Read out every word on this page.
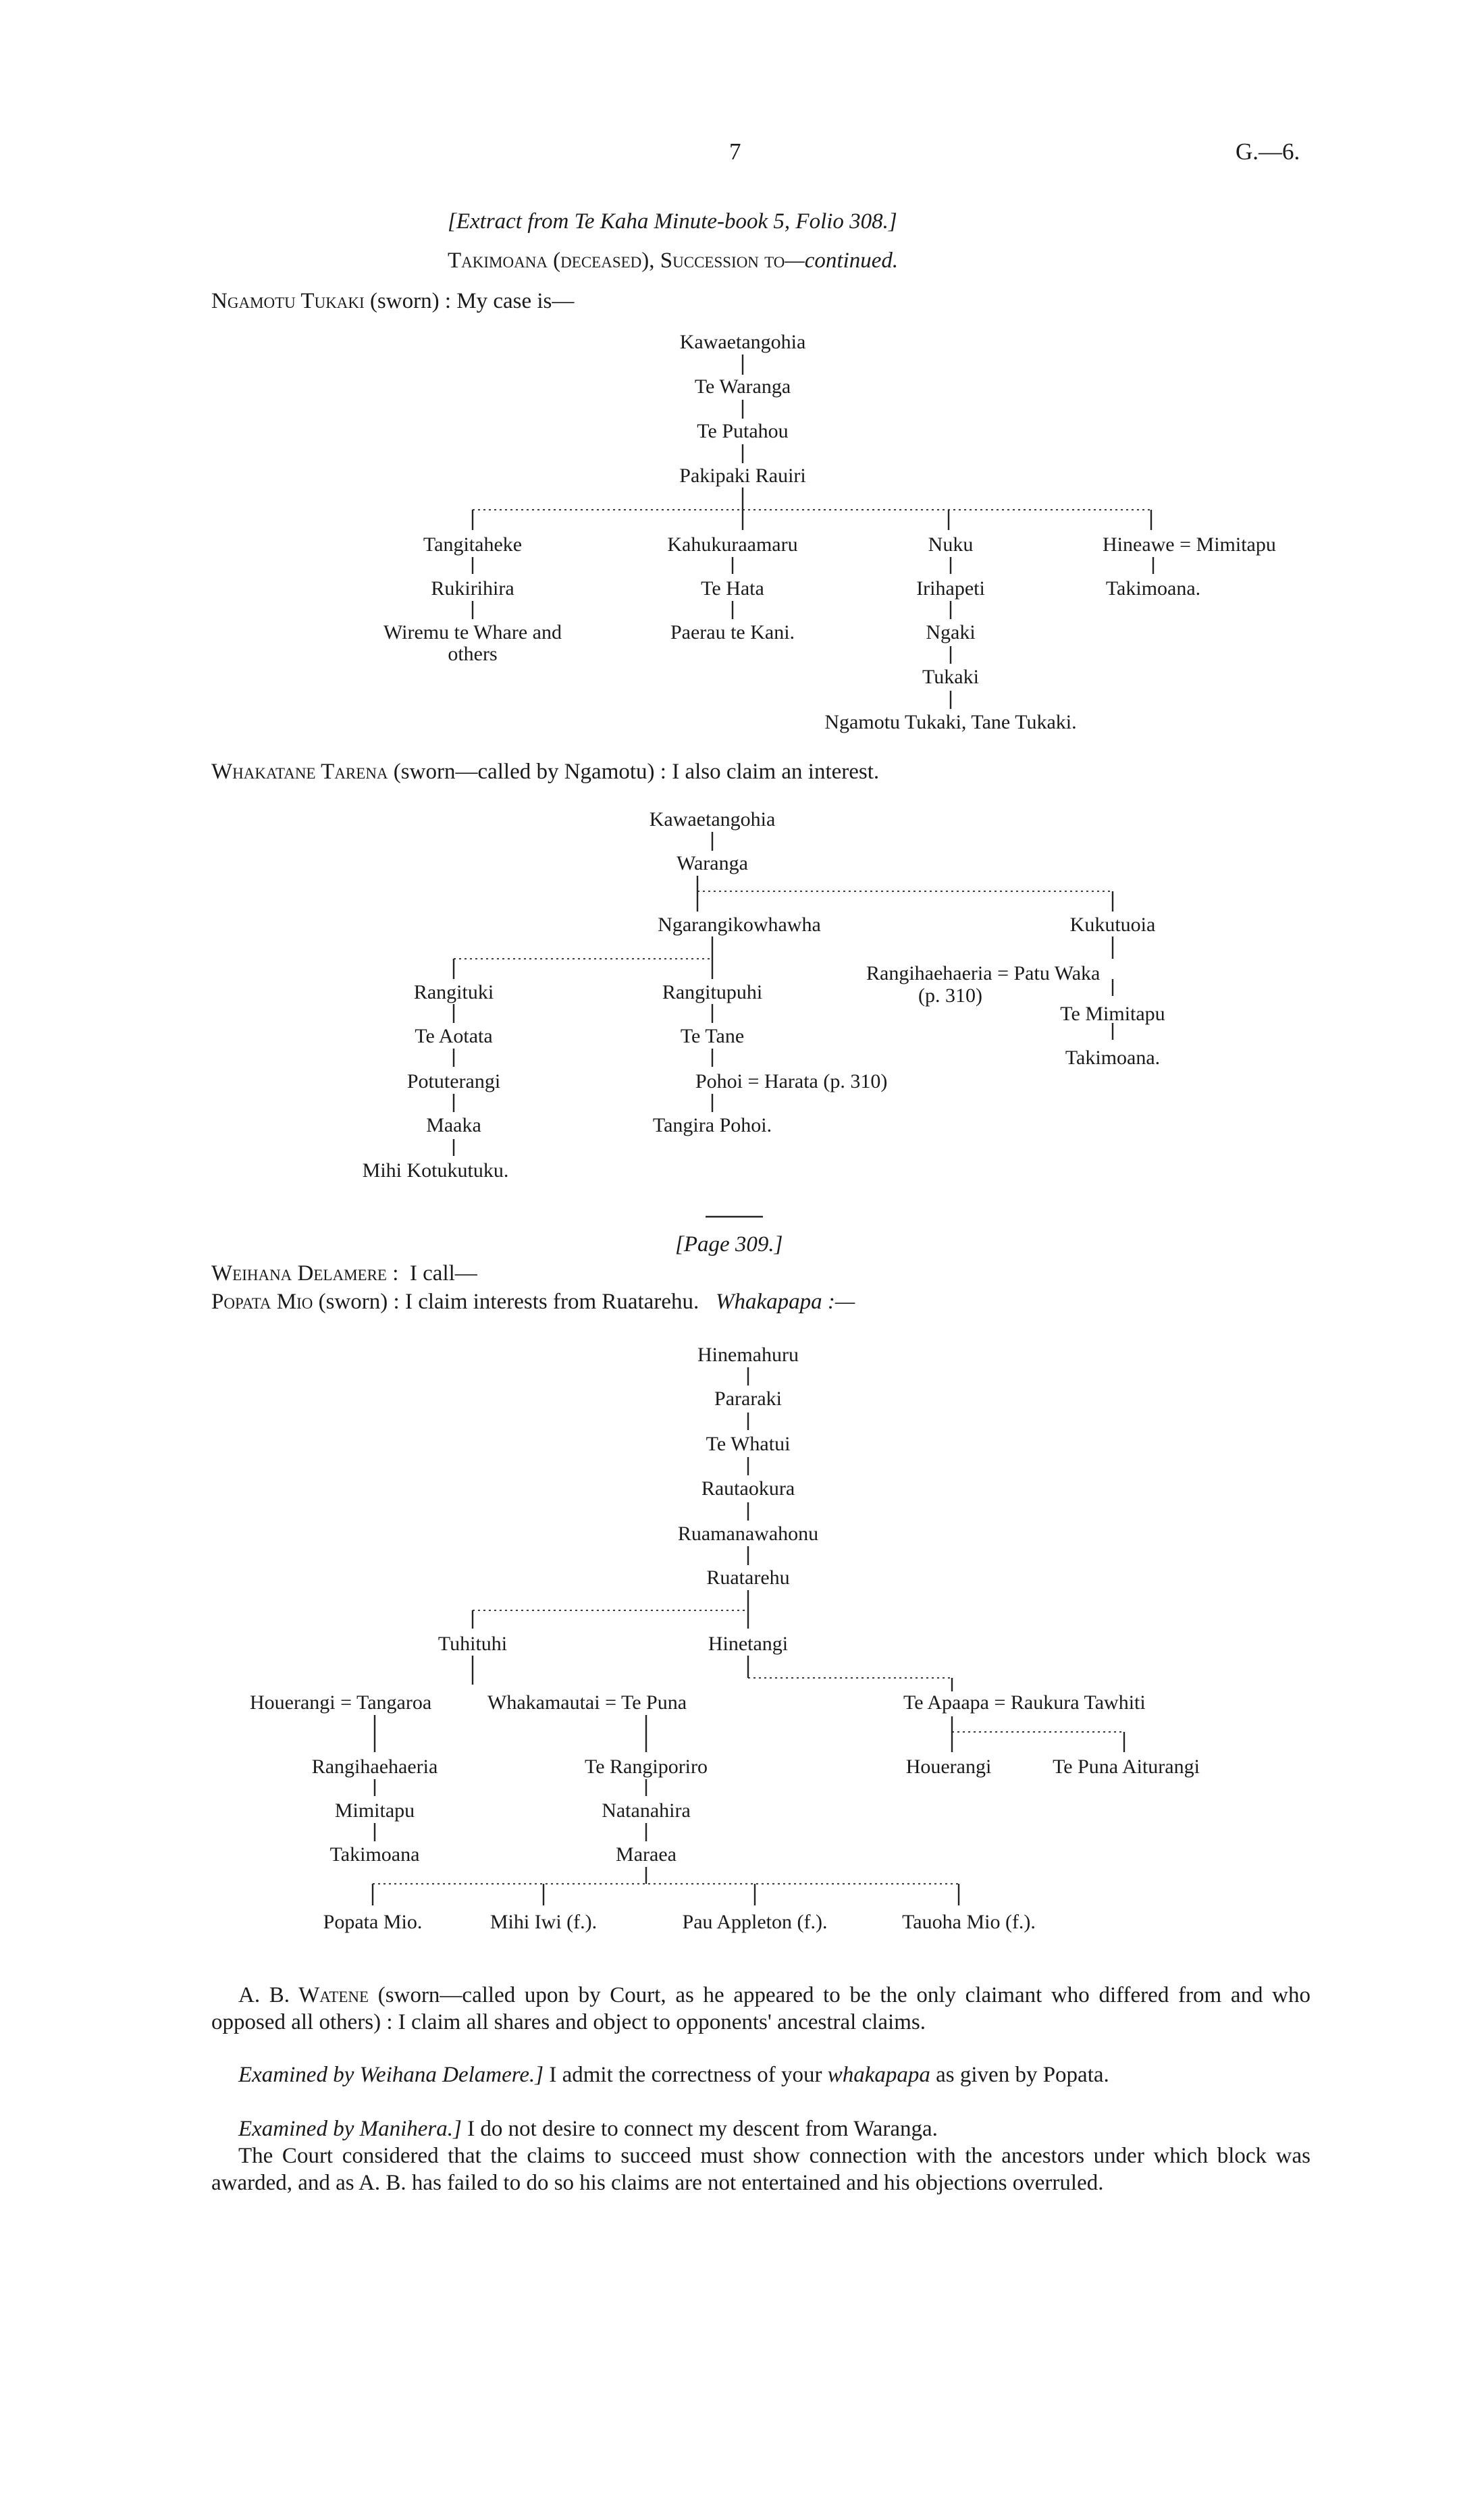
7	G.—6.
[Extract from Te Kaha Minute-book 5, Folio 308.]
Takimoana (deceased), Succession to—continued.
Ngamotu Tukaki (sworn) : My case is—
Kawaetangohia
Te Waranga
Te Putahou
Pakipaki Rauiri
Tangitaheke
Rukirihira
Wiremu te Whare and
others
Kahukuraamaru
Te Hata
Paerau te Kani.
Nuku
Irihapeti
Ngaki
Tukaki
Ngamotu Tukaki, Tane Tukaki.
Hineawe = Mimitapu
Takimoana.
Whakatane Tarena (sworn—called by Ngamotu) : I also claim an interest.
Kawaetangohia
Waranga
Ngarangikowhawha	Kukutuoia
Rangituki
Te Aotata
Potuterangi
Maaka
Mihi Kotukutuku.
Rangitupuhi
Te Tane
Pohoi = Harata (p. 310)
Tangira Pohoi.
Rangihaehaeria = Patu Waka
(p. 310)
Te Mimitapu
Takimoana.
[Page 309.]
Weihana Delamere : I call—
Popata Mio (sworn) : I claim interests from Ruatarehu. Whakapapa :—
Hinemahuru
Pararaki
Te Whatui
Rautaokura
Ruamanawahonu
Ruatarehu
Tuhituhi	Hinetangi
Houerangi = Tangaroa	Whakamautai = Te Puna	Te Apaapa = Raukura Tawhiti
Rangihaehaeria
Mimitapu
Takimoana
Te Rangiporiro
Natanahira
Maraea
Houerangi	Te Puna Aiturangi
Popata Mio.	Mihi Iwi (f.).	Pau Appleton (f.).	Tauoha Mio (f.).

A. B. Watene (sworn—called upon by Court, as he appeared to be the only claimant who differed from and who opposed all others) : I claim all shares and object to opponents' ancestral claims.

Examined by Weihana Delamere.] I admit the correctness of your whakapapa as given by Popata.

Examined by Manihera.] I do not desire to connect my descent from Waranga.

The Court considered that the claims to succeed must show connection with the ancestors under which block was awarded, and as A. B. has failed to do so his claims are not entertained and his objections overruled.
